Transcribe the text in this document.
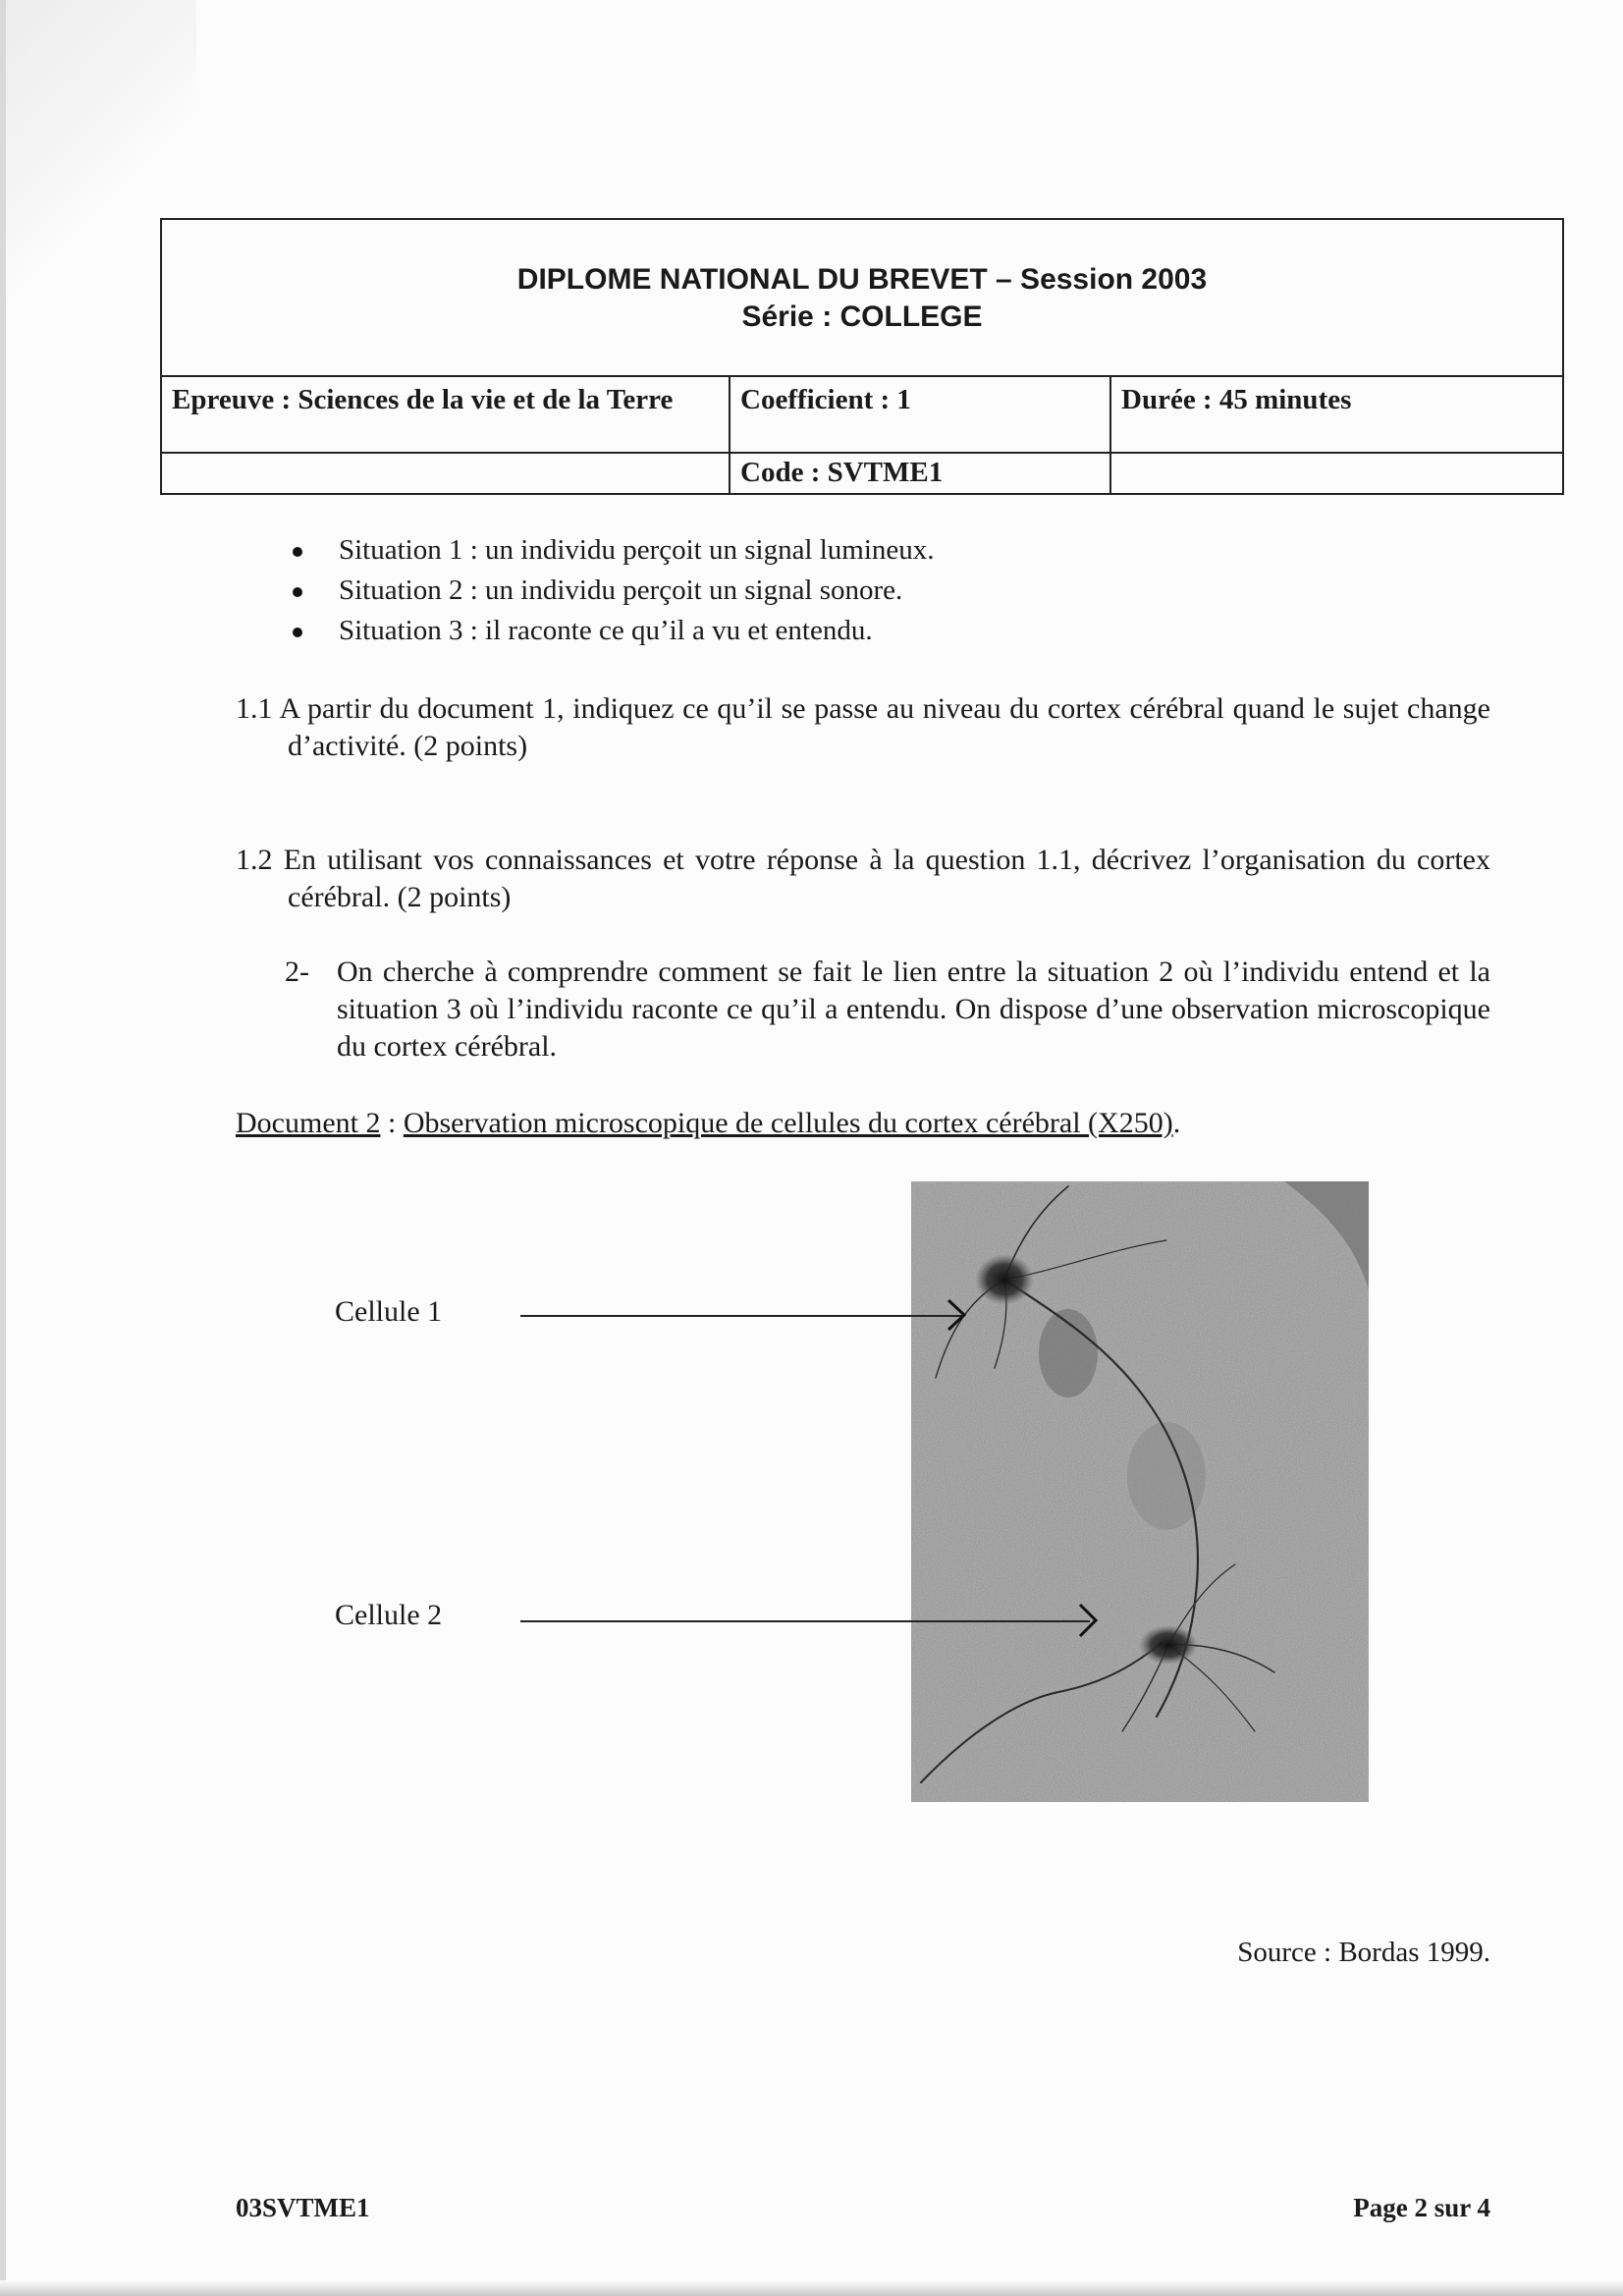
DIPLOME NATIONAL DU BREVET – Session 2003
Série : COLLEGE
Epreuve : Sciences de la vie et de la Terre	Coefficient : 1	Durée : 45 minutes
Code : SVTME1
Situation 1 : un individu perçoit un signal lumineux.
Situation 2 : un individu perçoit un signal sonore.
Situation 3 : il raconte ce qu’il a vu et entendu.
1.1 A partir du document 1, indiquez ce qu’il se passe au niveau du cortex cérébral quand le sujet change d’activité. (2 points)
1.2 En utilisant vos connaissances et votre réponse à la question 1.1, décrivez l’organisation du cortex cérébral. (2 points)
2- On cherche à comprendre comment se fait le lien entre la situation 2 où l’individu entend et la situation 3 où l’individu raconte ce qu’il a entendu. On dispose d’une observation microscopique du cortex cérébral.
Document 2 : Observation microscopique de cellules du cortex cérébral (X250).
Cellule 1
Cellule 2
Source : Bordas 1999.
03SVTME1	Page 2 sur 4
